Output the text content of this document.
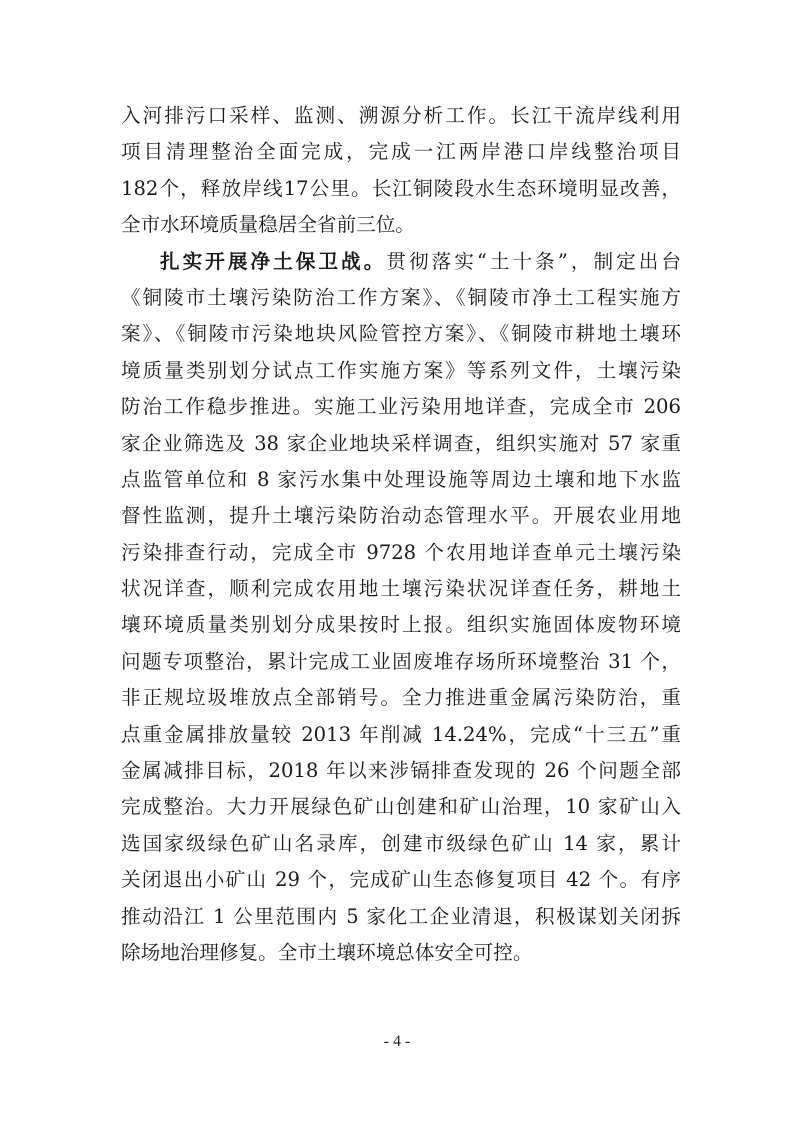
入河排污口采样、监测、溯源分析工作。长江干流岸线利用
项目清理整治全面完成，完成一江两岸港口岸线整治项目
182个，释放岸线17公里。长江铜陵段水生态环境明显改善，
全市水环境质量稳居全省前三位。
扎实开展净土保卫战。贯彻落实“土十条”，制定出台
《铜陵市土壤污染防治工作方案》、《铜陵市净土工程实施方
案》、《铜陵市污染地块风险管控方案》、《铜陵市耕地土壤环
境质量类别划分试点工作实施方案》等系列文件，土壤污染
防治工作稳步推进。实施工业污染用地详查，完成全市 206
家企业筛选及 38 家企业地块采样调查，组织实施对 57 家重
点监管单位和 8 家污水集中处理设施等周边土壤和地下水监
督性监测，提升土壤污染防治动态管理水平。开展农业用地
污染排查行动，完成全市 9728 个农用地详查单元土壤污染
状况详查，顺利完成农用地土壤污染状况详查任务，耕地土
壤环境质量类别划分成果按时上报。组织实施固体废物环境
问题专项整治，累计完成工业固废堆存场所环境整治 31 个，
非正规垃圾堆放点全部销号。全力推进重金属污染防治，重
点重金属排放量较 2013 年削减 14.24%，完成“十三五”重
金属减排目标，2018 年以来涉镉排查发现的 26 个问题全部
完成整治。大力开展绿色矿山创建和矿山治理，10 家矿山入
选国家级绿色矿山名录库，创建市级绿色矿山 14 家，累计
关闭退出小矿山 29 个，完成矿山生态修复项目 42 个。有序
推动沿江 1 公里范围内 5 家化工企业清退，积极谋划关闭拆
除场地治理修复。全市土壤环境总体安全可控。
- 4 -
